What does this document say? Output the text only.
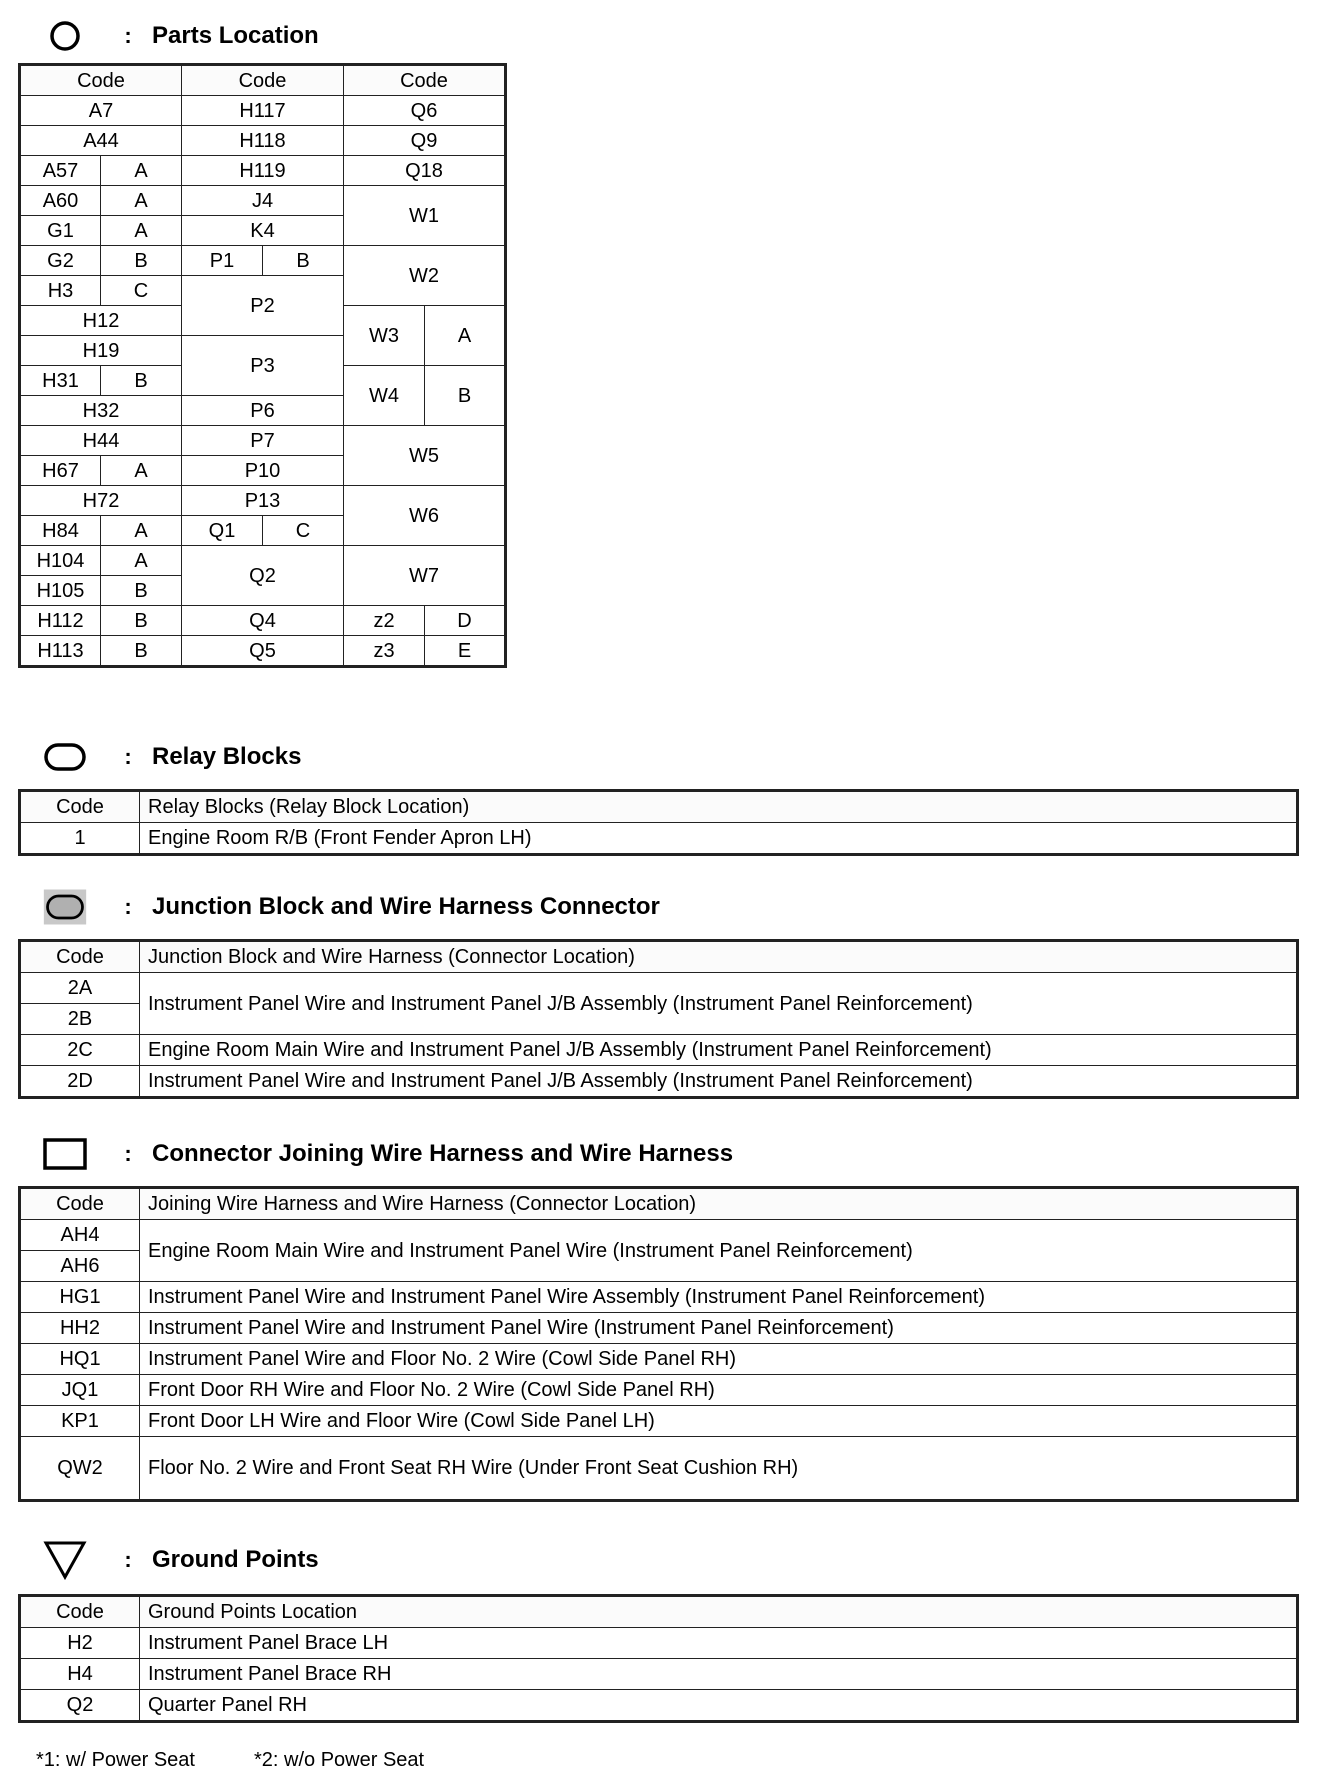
: Parts Location
Code		Code		Code	
A7		H117		Q6	
A44		H118		Q9	
A57	A	H119		Q18	
A60	A	J4		W1	
G1	A	K4			
G2	B	P1	B	W2	
H3	C	P2			
H12				W3	A
H19		P3			
H31	B			W4	B
H32		P6			
H44		P7		W5	
H67	A	P10			
H72		P13		W6	
H84	A	Q1	C		
H104	A	Q2		W7	
H105	B				
H112	B	Q4		z2	D
H113	B	Q5		z3	E
: Relay Blocks
Code	Relay Blocks (Relay Block Location)
1	Engine Room R/B (Front Fender Apron LH)
: Junction Block and Wire Harness Connector
Code	Junction Block and Wire Harness (Connector Location)
2A	Instrument Panel Wire and Instrument Panel J/B Assembly (Instrument Panel Reinforcement)
2B	
2C	Engine Room Main Wire and Instrument Panel J/B Assembly (Instrument Panel Reinforcement)
2D	Instrument Panel Wire and Instrument Panel J/B Assembly (Instrument Panel Reinforcement)
: Connector Joining Wire Harness and Wire Harness
Code	Joining Wire Harness and Wire Harness (Connector Location)
AH4	Engine Room Main Wire and Instrument Panel Wire (Instrument Panel Reinforcement)
AH6	
HG1	Instrument Panel Wire and Instrument Panel Wire Assembly (Instrument Panel Reinforcement)
HH2	Instrument Panel Wire and Instrument Panel Wire (Instrument Panel Reinforcement)
HQ1	Instrument Panel Wire and Floor No. 2 Wire (Cowl Side Panel RH)
JQ1	Front Door RH Wire and Floor No. 2 Wire (Cowl Side Panel RH)
KP1	Front Door LH Wire and Floor Wire (Cowl Side Panel LH)
QW2	Floor No. 2 Wire and Front Seat RH Wire (Under Front Seat Cushion RH)
: Ground Points
Code	Ground Points Location
H2	Instrument Panel Brace LH
H4	Instrument Panel Brace RH
Q2	Quarter Panel RH
*1: w/ Power Seat	*2: w/o Power Seat
